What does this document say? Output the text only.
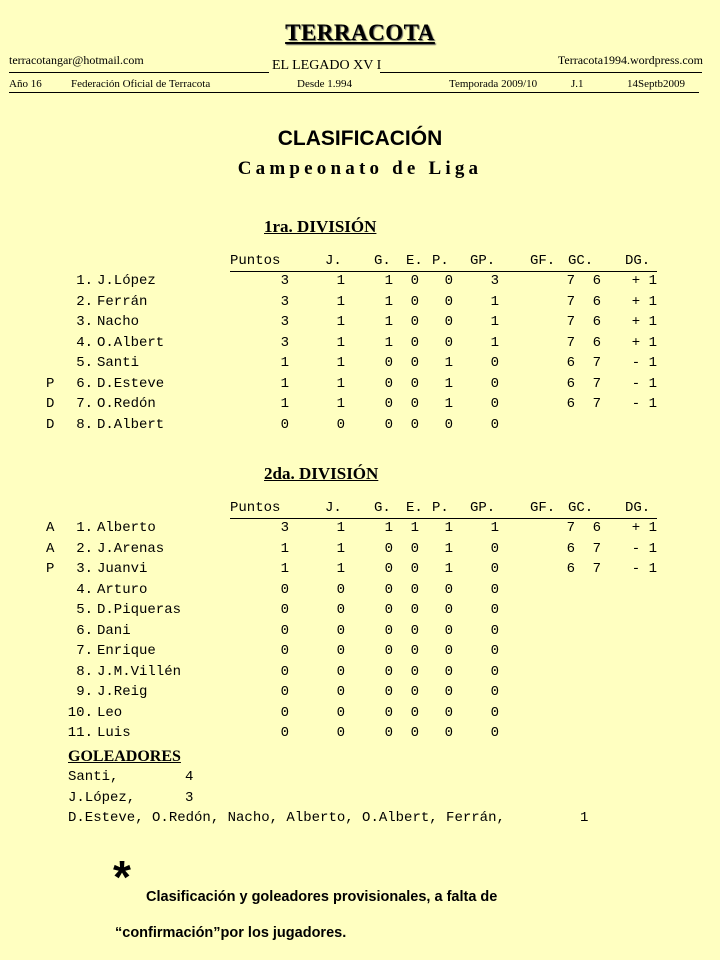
TERRACOTA
terracotangar@hotmail.com	Terracota1994.wordpress.com
EL LEGADO XV I
Año 16	Federación Oficial de Terracota	Desde 1.994	Temporada 2009/10	J.1	14Septb2009
CLASIFICACIÓN
Campeonato de Liga
1ra. DIVISIÓN
Puntos	J. G. E. P. GP. GF. GC. DG.
1. J.López	3	1	1 0 0	3	7 6 + 1
2. Ferrán	3	1	1 0 0	1	7 6 + 1
3. Nacho	3	1	1 0 0	1	7 6 + 1
4. O.Albert	3	1	1 0 0	1	7 6 + 1
5. Santi	1	1	0 0 1	0	6 7 - 1
P 6. D.Esteve	1	1	0 0 1	0	6 7 - 1
D 7. O.Redón	1	1	0 0 1	0	6 7 - 1
D 8. D.Albert	0	0	0 0 0	0
2da. DIVISIÓN
Puntos	J. G. E. P. GP. GF. GC. DG.
A 1. Alberto	3	1	1 1 1	1	7 6 + 1
A 2. J.Arenas	1	1	0 0 1	0	6 7 - 1
P 3. Juanvi	1	1	0 0 1	0	6 7 - 1
4. Arturo	0	0	0 0 0	0
5. D.Piqueras	0	0	0 0 0	0
6. Dani	0	0	0 0 0	0
7. Enrique	0	0	0 0 0	0
8. J.M.Villén	0	0	0 0 0	0
9. J.Reig	0	0	0 0 0	0
10. Leo	0	0	0 0 0	0
11. Luis	0	0	0 0 0	0
GOLEADORES
Santi,	4
J.López,	3
D.Esteve, O.Redón, Nacho, Alberto, O.Albert, Ferrán,	1
* Clasificación y goleadores provisionales, a falta de
“confirmación”por los jugadores.
